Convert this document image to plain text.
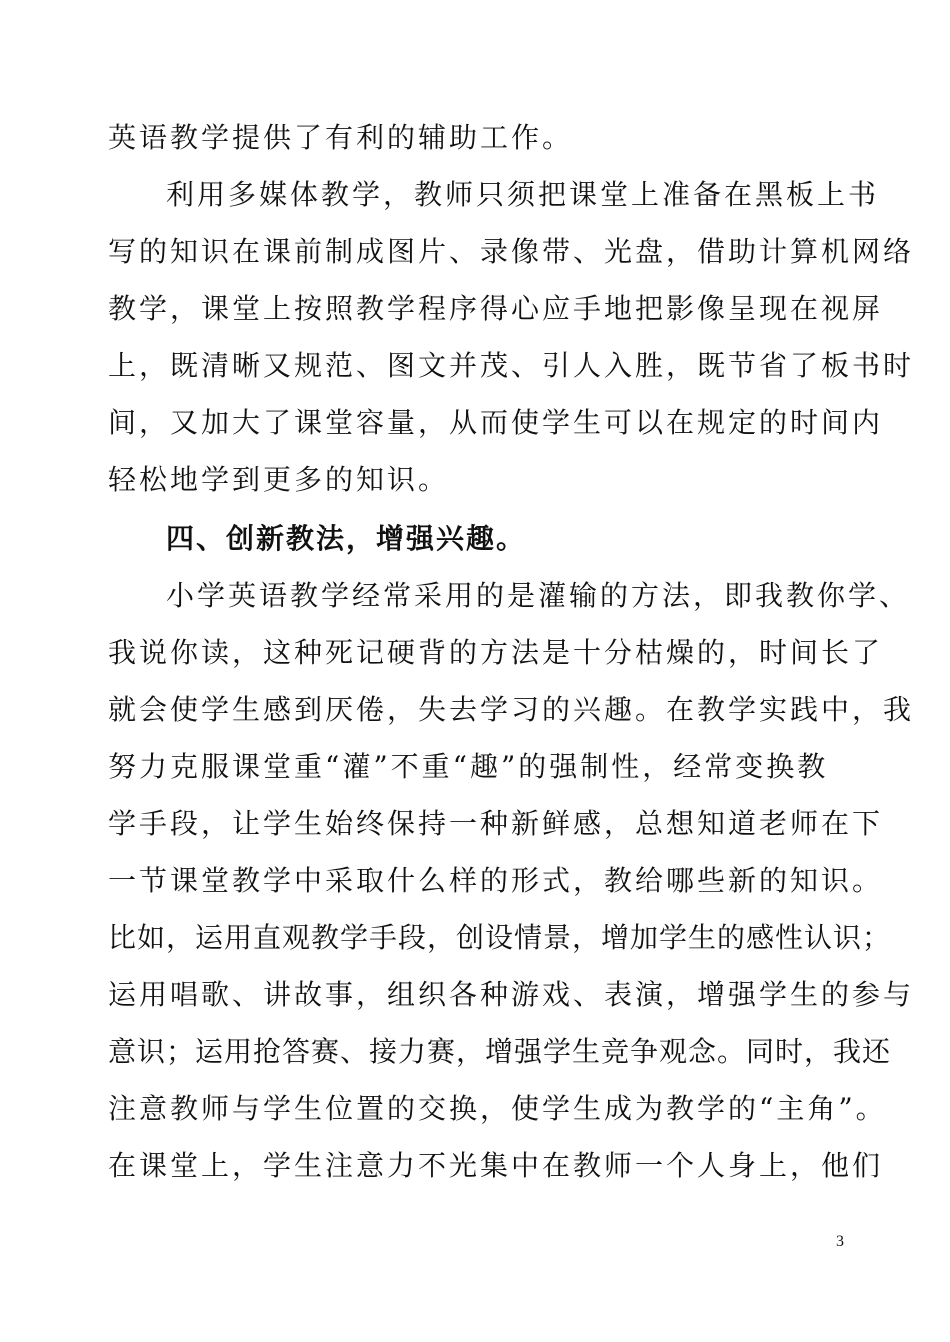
英语教学提供了有利的辅助工作。
利用多媒体教学，教师只须把课堂上准备在黑板上书
写的知识在课前制成图片、录像带、光盘，借助计算机网络
教学，课堂上按照教学程序得心应手地把影像呈现在视屏
上，既清晰又规范、图文并茂、引人入胜，既节省了板书时
间，又加大了课堂容量，从而使学生可以在规定的时间内
轻松地学到更多的知识。
四、创新教法，增强兴趣。
小学英语教学经常采用的是灌输的方法，即我教你学、
我说你读，这种死记硬背的方法是十分枯燥的，时间长了
就会使学生感到厌倦，失去学习的兴趣。在教学实践中，我
努力克服课堂重“灌”不重“趣”的强制性，经常变换教
学手段，让学生始终保持一种新鲜感，总想知道老师在下
一节课堂教学中采取什么样的形式，教给哪些新的知识。
比如，运用直观教学手段，创设情景，增加学生的感性认识；
运用唱歌、讲故事，组织各种游戏、表演，增强学生的参与
意识；运用抢答赛、接力赛，增强学生竞争观念。同时，我还
注意教师与学生位置的交换，使学生成为教学的“主角”。
在课堂上，学生注意力不光集中在教师一个人身上，他们
3
